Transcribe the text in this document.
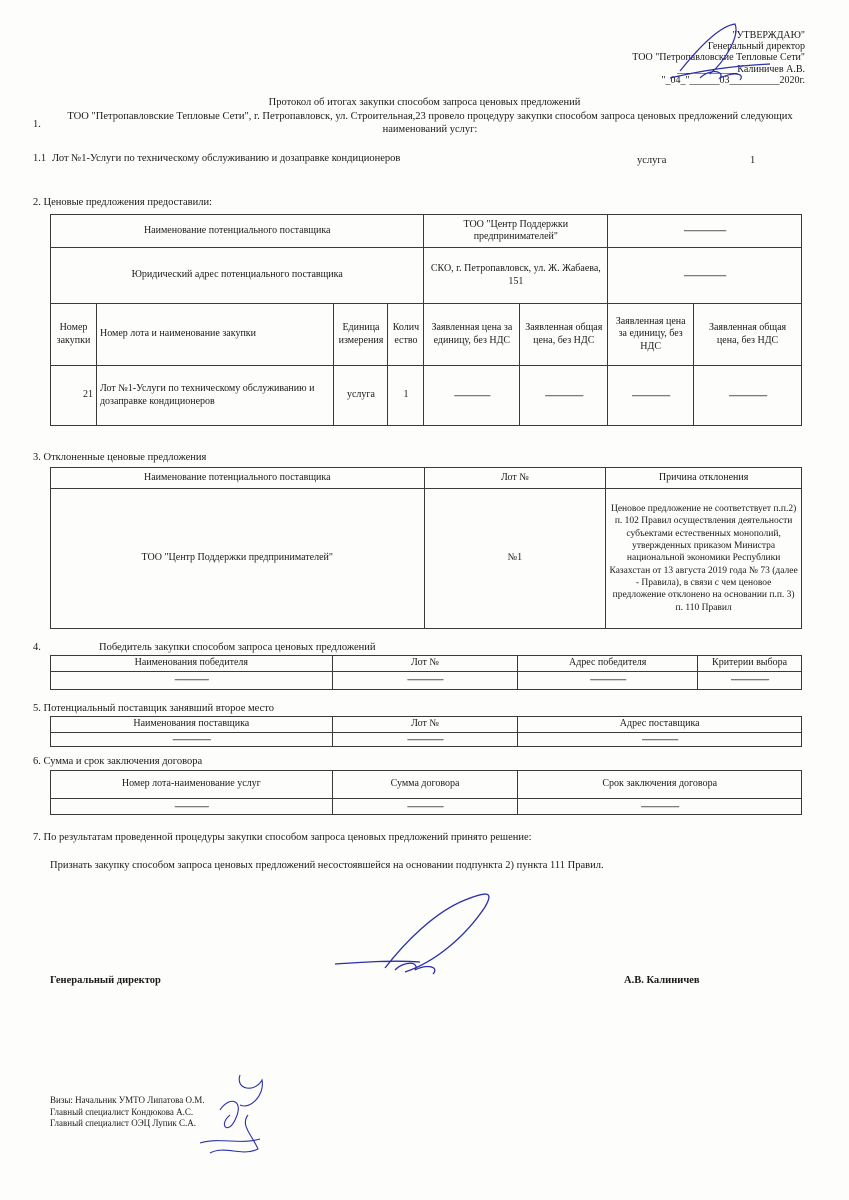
"УТВЕРЖДАЮ"
Генеральный директор
ТОО "Петропавловские Тепловые Сети"
____________Калиничев А.В.
"_04_"______03__________2020г.
Протокол об итогах закупки способом запроса ценовых предложений
1.
ТОО "Петропавловские Тепловые Сети", г. Петропавловск, ул. Строительная,23 провело процедуру закупки способом запроса ценовых предложений следующих
наименований услуг:
1.1 Лот №1-Услуги по техническому обслуживанию и дозаправке кондиционеров	услуга	1
2. Ценовые предложения предоставили:
Наименование потенциального поставщика				ТОО "Центр Поддержки предпринимателей"		---------------------	
Юридический адрес потенциального поставщика				СКО, г. Петропавловск, ул. Ж. Жабаева, 151		---------------------	
Номер закупки	Номер лота и наименование закупки	Единица измерения	Колич ество	Заявленная цена за единицу, без НДС	Заявленная общая цена, без НДС	Заявленная цена за единицу, без НДС	Заявленная общая цена, без НДС
21	Лот №1-Услуги по техническому обслуживанию и дозаправке кондиционеров	услуга	1	------------------	-------------------	-------------------	-------------------
3. Отклоненные ценовые предложения
Наименование потенциального поставщика	Лот №	Причина отклонения
ТОО "Центр Поддержки предпринимателей"	№1	Ценовое предложение не соответствует п.п.2) п. 102 Правил осуществления деятельности субъектами естественных монополий, утвержденных приказом Министра национальной экономики Республики Казахстан от 13 августа 2019 года № 73 (далее - Правила), в связи с чем ценовое предложение отклонено на основании п.п. 3) п. 110 Правил
4.	Победитель закупки способом запроса ценовых предложений
Наименования победителя	Лот №	Адрес победителя	Критерии выбора
-----------------	------------------	------------------	-------------------
5. Потенциальный поставщик занявший второе место
Наименования поставщика	Лот №	Адрес поставщика
-------------------	------------------	------------------
6. Сумма и срок заключения договора
Номер лота-наименование услуг	Сумма договора	Срок заключения договора
-----------------	------------------	-------------------
7. По результатам проведенной процедуры закупки способом запроса ценовых предложений принято решение:
Признать закупку способом запроса ценовых предложений несостоявшейся на основании подпункта 2) пункта 111 Правил.
Генеральный директор	А.В. Калиничев
Визы: Начальник УМТО Липатова О.М.
Главный специалист Кондюкова А.С.
Главный специалист ОЭЦ Лупик С.А.
